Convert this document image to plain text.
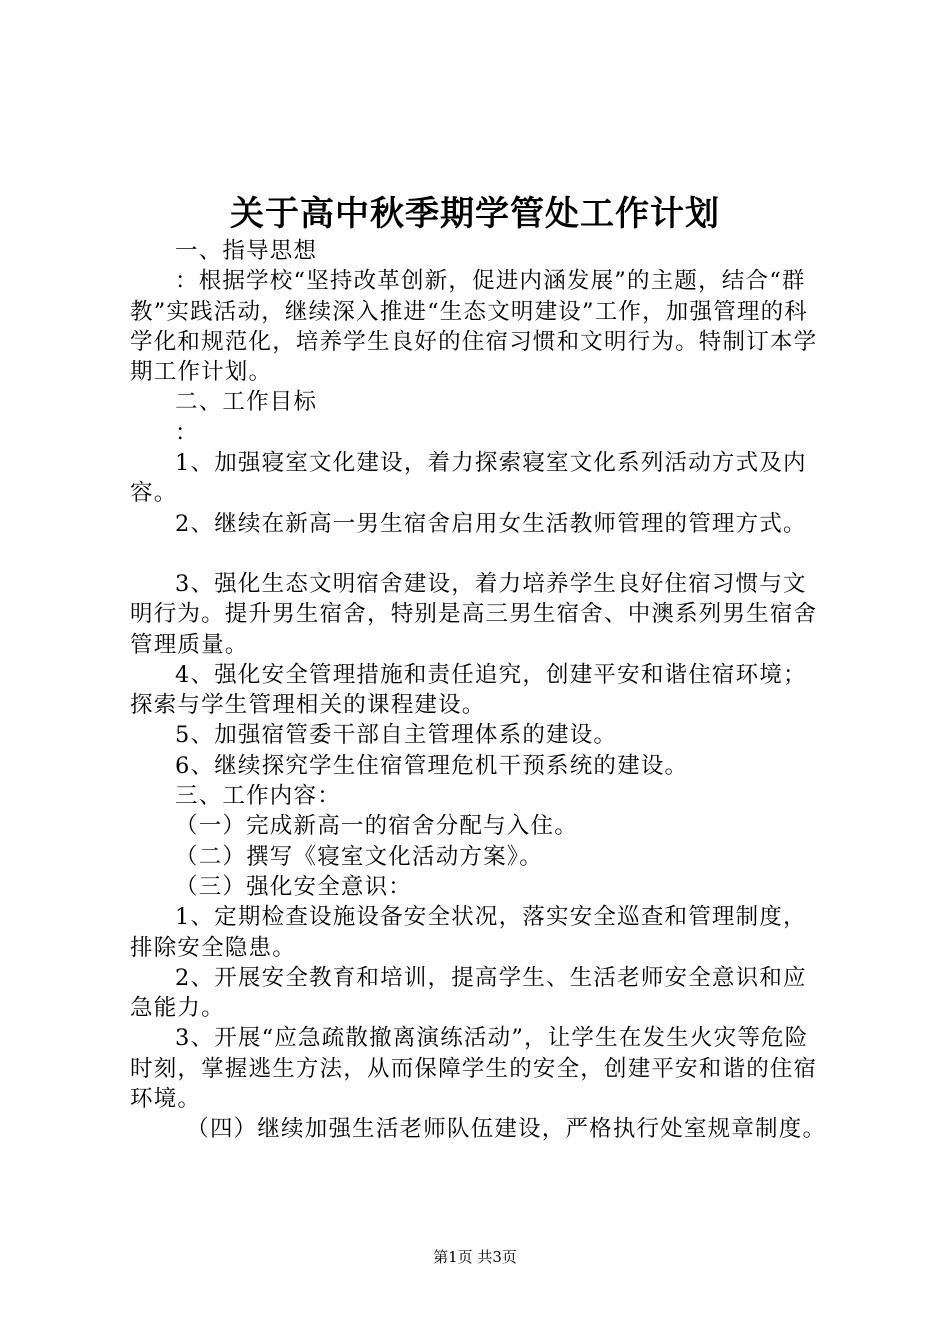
关于高中秋季期学管处工作计划

一、指导思想

：根据学校“坚持改革创新，促进内涵发展”的主题，结合“群教”实践活动，继续深入推进“生态文明建设”工作，加强管理的科学化和规范化，培养学生良好的住宿习惯和文明行为。特制订本学期工作计划。

二、工作目标

：

1、加强寝室文化建设，着力探索寝室文化系列活动方式及内容。

2、继续在新高一男生宿舍启用女生活教师管理的管理方式。

3、强化生态文明宿舍建设，着力培养学生良好住宿习惯与文明行为。提升男生宿舍，特别是高三男生宿舍、中澳系列男生宿舍管理质量。

4、强化安全管理措施和责任追究，创建平安和谐住宿环境；探索与学生管理相关的课程建设。

5、加强宿管委干部自主管理体系的建设。

6、继续探究学生住宿管理危机干预系统的建设。

三、工作内容：

（一）完成新高一的宿舍分配与入住。

（二）撰写《寝室文化活动方案》。

（三）强化安全意识：

1、定期检查设施设备安全状况，落实安全巡查和管理制度，排除安全隐患。

2、开展安全教育和培训，提高学生、生活老师安全意识和应急能力。

3、开展“应急疏散撤离演练活动”，让学生在发生火灾等危险时刻，掌握逃生方法，从而保障学生的安全，创建平安和谐的住宿环境。

（四）继续加强生活老师队伍建设，严格执行处室规章制度。

第1页 共3页
